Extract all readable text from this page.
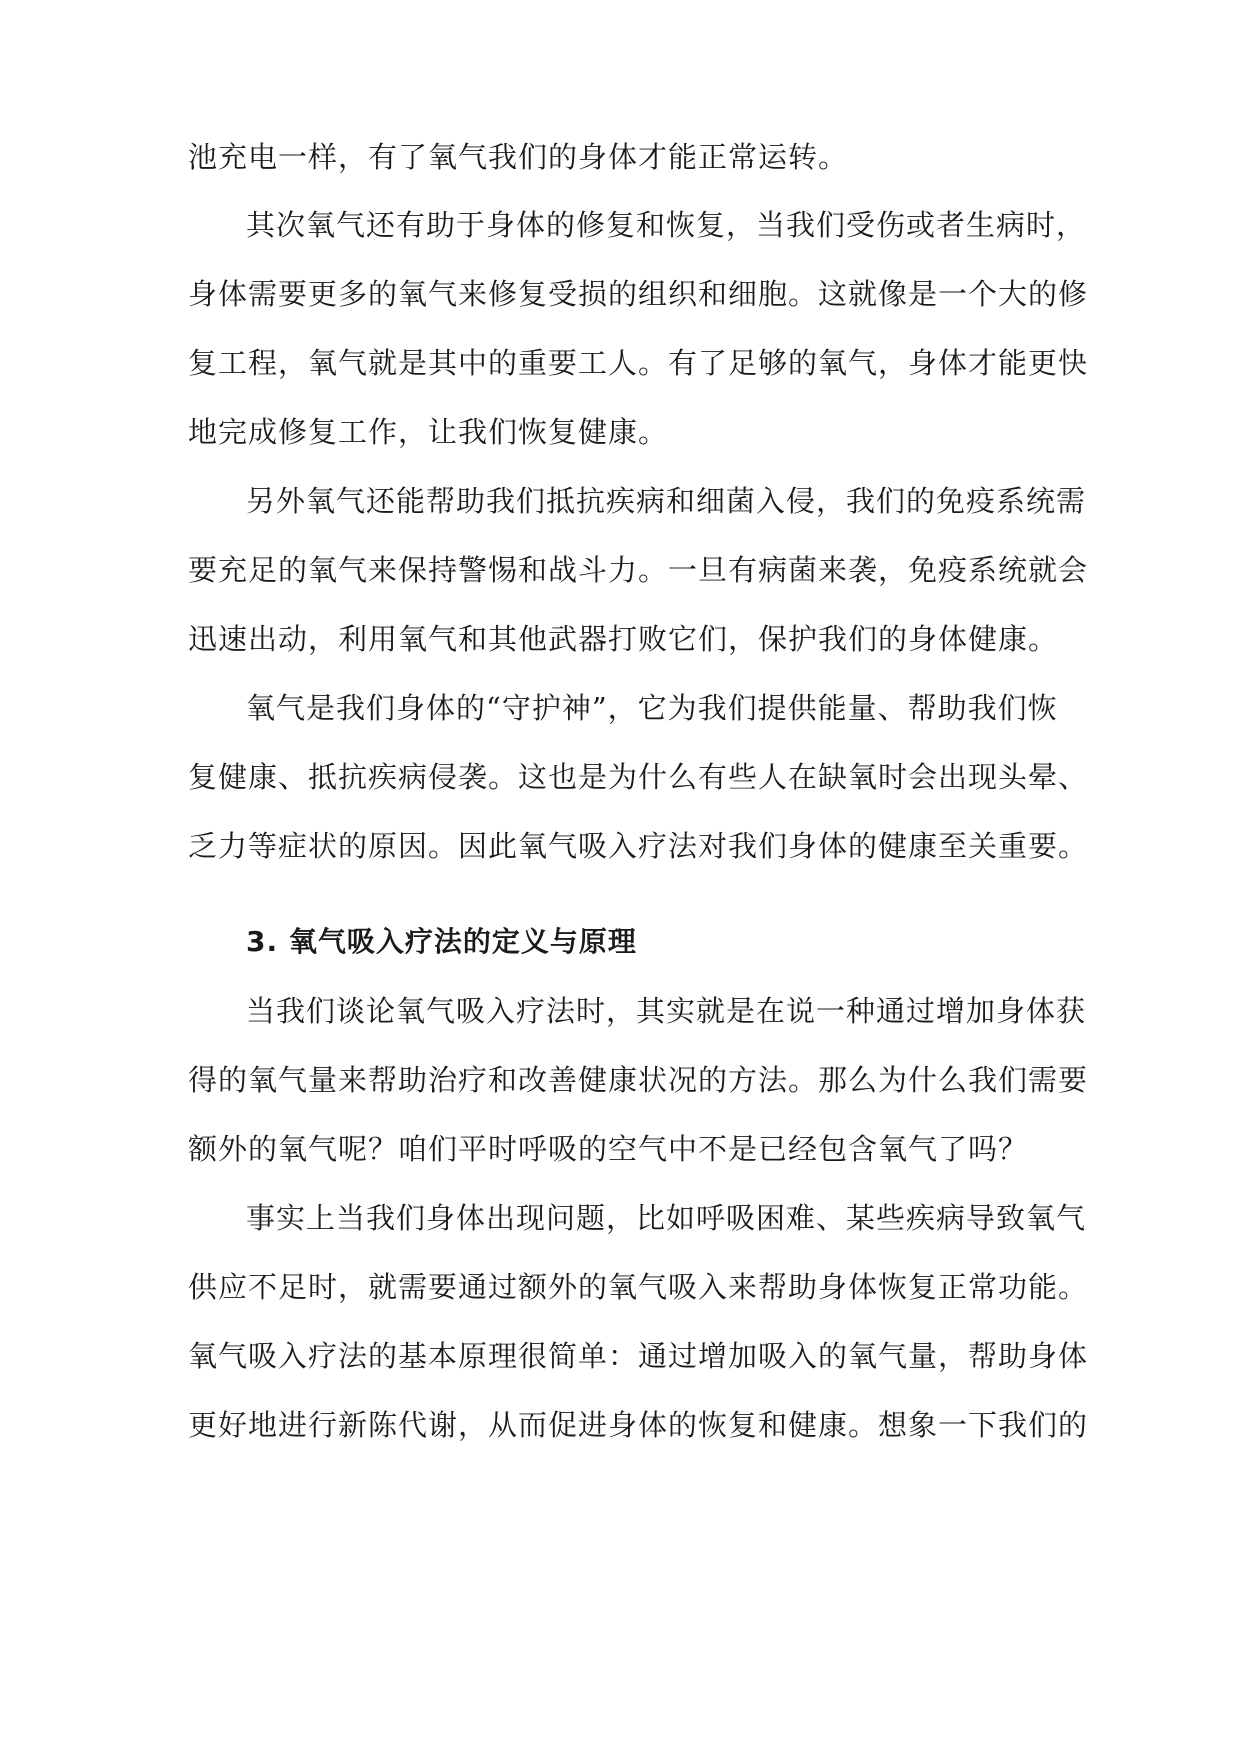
池充电一样，有了氧气我们的身体才能正常运转。
其次氧气还有助于身体的修复和恢复，当我们受伤或者生病时，
身体需要更多的氧气来修复受损的组织和细胞。这就像是一个大的修
复工程，氧气就是其中的重要工人。有了足够的氧气，身体才能更快
地完成修复工作，让我们恢复健康。
另外氧气还能帮助我们抵抗疾病和细菌入侵，我们的免疫系统需
要充足的氧气来保持警惕和战斗力。一旦有病菌来袭，免疫系统就会
迅速出动，利用氧气和其他武器打败它们，保护我们的身体健康。
氧气是我们身体的“守护神”，它为我们提供能量、帮助我们恢
复健康、抵抗疾病侵袭。这也是为什么有些人在缺氧时会出现头晕、
乏力等症状的原因。因此氧气吸入疗法对我们身体的健康至关重要。
3. 氧气吸入疗法的定义与原理
当我们谈论氧气吸入疗法时，其实就是在说一种通过增加身体获
得的氧气量来帮助治疗和改善健康状况的方法。那么为什么我们需要
额外的氧气呢？咱们平时呼吸的空气中不是已经包含氧气了吗？
事实上当我们身体出现问题，比如呼吸困难、某些疾病导致氧气
供应不足时，就需要通过额外的氧气吸入来帮助身体恢复正常功能。
氧气吸入疗法的基本原理很简单：通过增加吸入的氧气量，帮助身体
更好地进行新陈代谢，从而促进身体的恢复和健康。想象一下我们的
